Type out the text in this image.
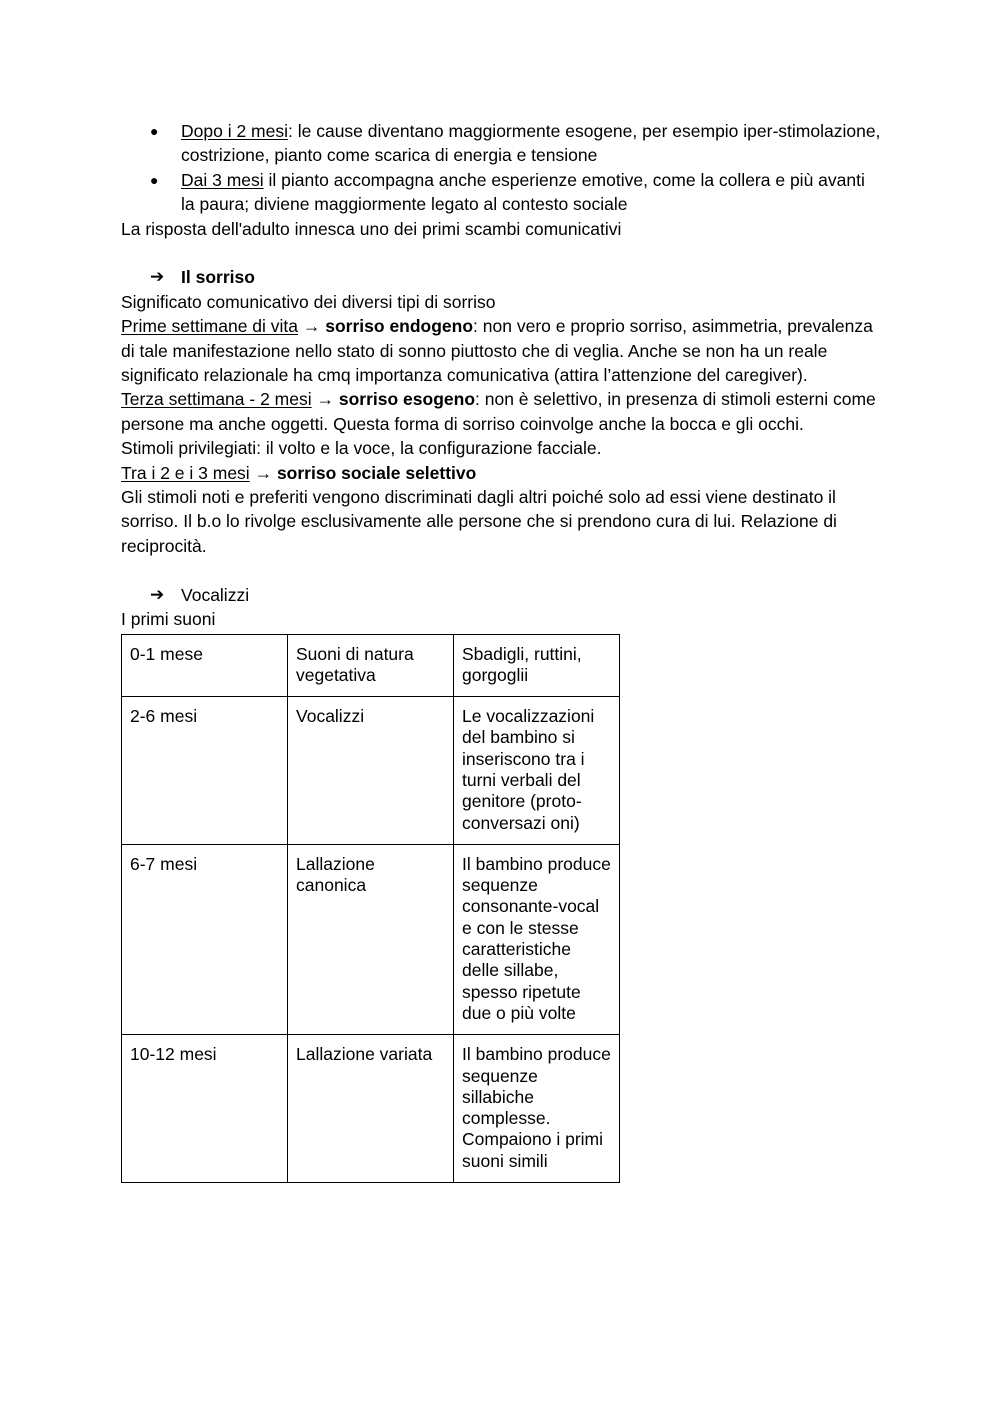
● Dopo i 2 mesi: le cause diventano maggiormente esogene, per esempio iper-stimolazione, costrizione, pianto come scarica di energia e tensione
● Dai 3 mesi il pianto accompagna anche esperienze emotive, come la collera e più avanti la paura; diviene maggiormente legato al contesto sociale

La risposta dell'adulto innesca uno dei primi scambi comunicativi

➔ Il sorriso

Significato comunicativo dei diversi tipi di sorriso

Prime settimane di vita → sorriso endogeno: non vero e proprio sorriso, asimmetria, prevalenza di tale manifestazione nello stato di sonno piuttosto che di veglia. Anche se non ha un reale significato relazionale ha cmq importanza comunicativa (attira l’attenzione del caregiver).

Terza settimana - 2 mesi → sorriso esogeno: non è selettivo, in presenza di stimoli esterni come persone ma anche oggetti. Questa forma di sorriso coinvolge anche la bocca e gli occhi.

Stimoli privilegiati: il volto e la voce, la configurazione facciale.

Tra i 2 e i 3 mesi → sorriso sociale selettivo

Gli stimoli noti e preferiti vengono discriminati dagli altri poiché solo ad essi viene destinato il sorriso. Il b.o lo rivolge esclusivamente alle persone che si prendono cura di lui. Relazione di reciprocità.

➔ Vocalizzi

I primi suoni

0-1 mese	Suoni di natura vegetativa	Sbadigli, ruttini, gorgoglii
2-6 mesi	Vocalizzi	Le vocalizzazioni del bambino si inseriscono tra i turni verbali del genitore (proto-conversazi oni)
6-7 mesi	Lallazione canonica	Il bambino produce sequenze consonante-vocal e con le stesse caratteristiche delle sillabe, spesso ripetute due o più volte
10-12 mesi	Lallazione variata	Il bambino produce sequenze sillabiche complesse. Compaiono i primi suoni simili
